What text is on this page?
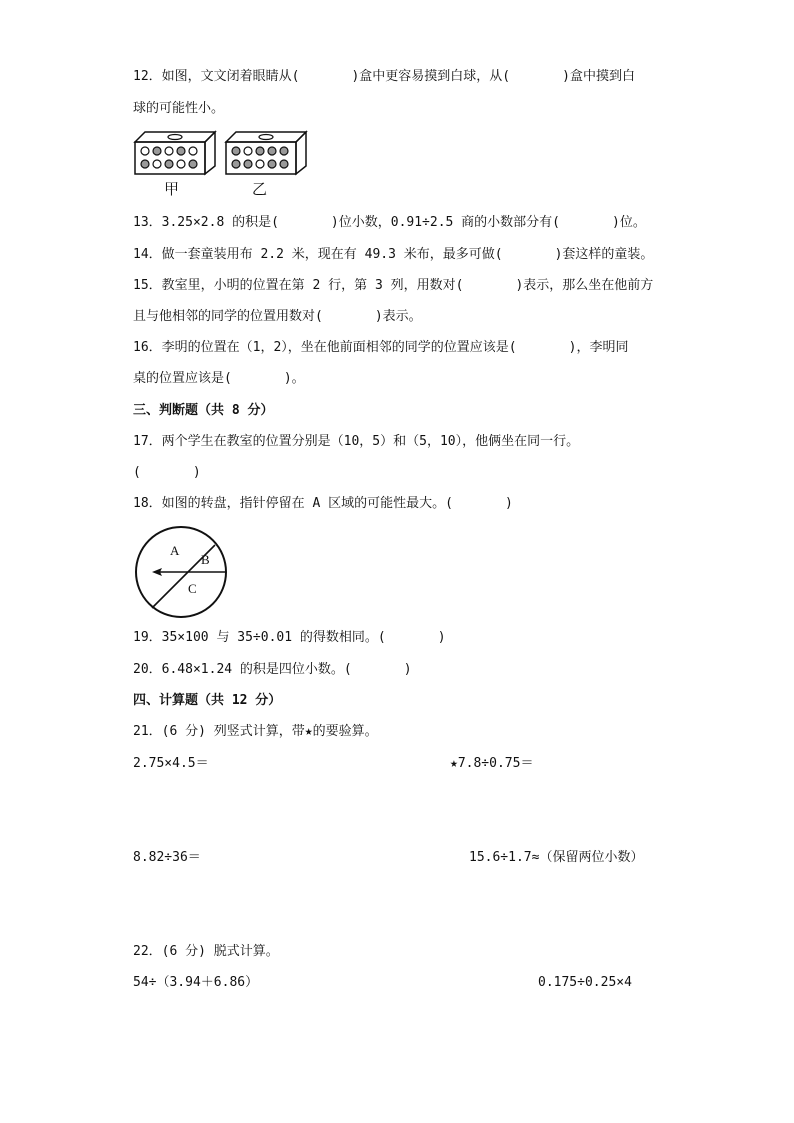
12．如图，文文闭着眼睛从(　　　　)盒中更容易摸到白球，从(　　　　)盒中摸到白
球的可能性小。
甲	乙
13．3.25×2.8 的积是(　　　　)位小数，0.91÷2.5 商的小数部分有(　　　　)位。
14．做一套童装用布 2.2 米，现在有 49.3 米布，最多可做(　　　　)套这样的童装。
15．教室里，小明的位置在第 2 行，第 3 列，用数对(　　　　)表示，那么坐在他前方
且与他相邻的同学的位置用数对(　　　　)表示。
16．李明的位置在（1，2），坐在他前面相邻的同学的位置应该是(　　　　)，李明同
桌的位置应该是(　　　　)。
三、判断题（共 8 分）
17．两个学生在教室的位置分别是（10，5）和（5，10），他俩坐在同一行。
(　　　　)
18．如图的转盘，指针停留在 A 区域的可能性最大。(　　　　)
A
B
C
19．35×100 与 35÷0.01 的得数相同。(　　　　)
20．6.48×1.24 的积是四位小数。(　　　　)
四、计算题（共 12 分）
21．(6 分) 列竖式计算，带★的要验算。
2.75×4.5＝	★7.8÷0.75＝
8.82÷36＝	15.6÷1.7≈（保留两位小数）
22．(6 分) 脱式计算。
54÷（3.94＋6.86）	0.175÷0.25×4
